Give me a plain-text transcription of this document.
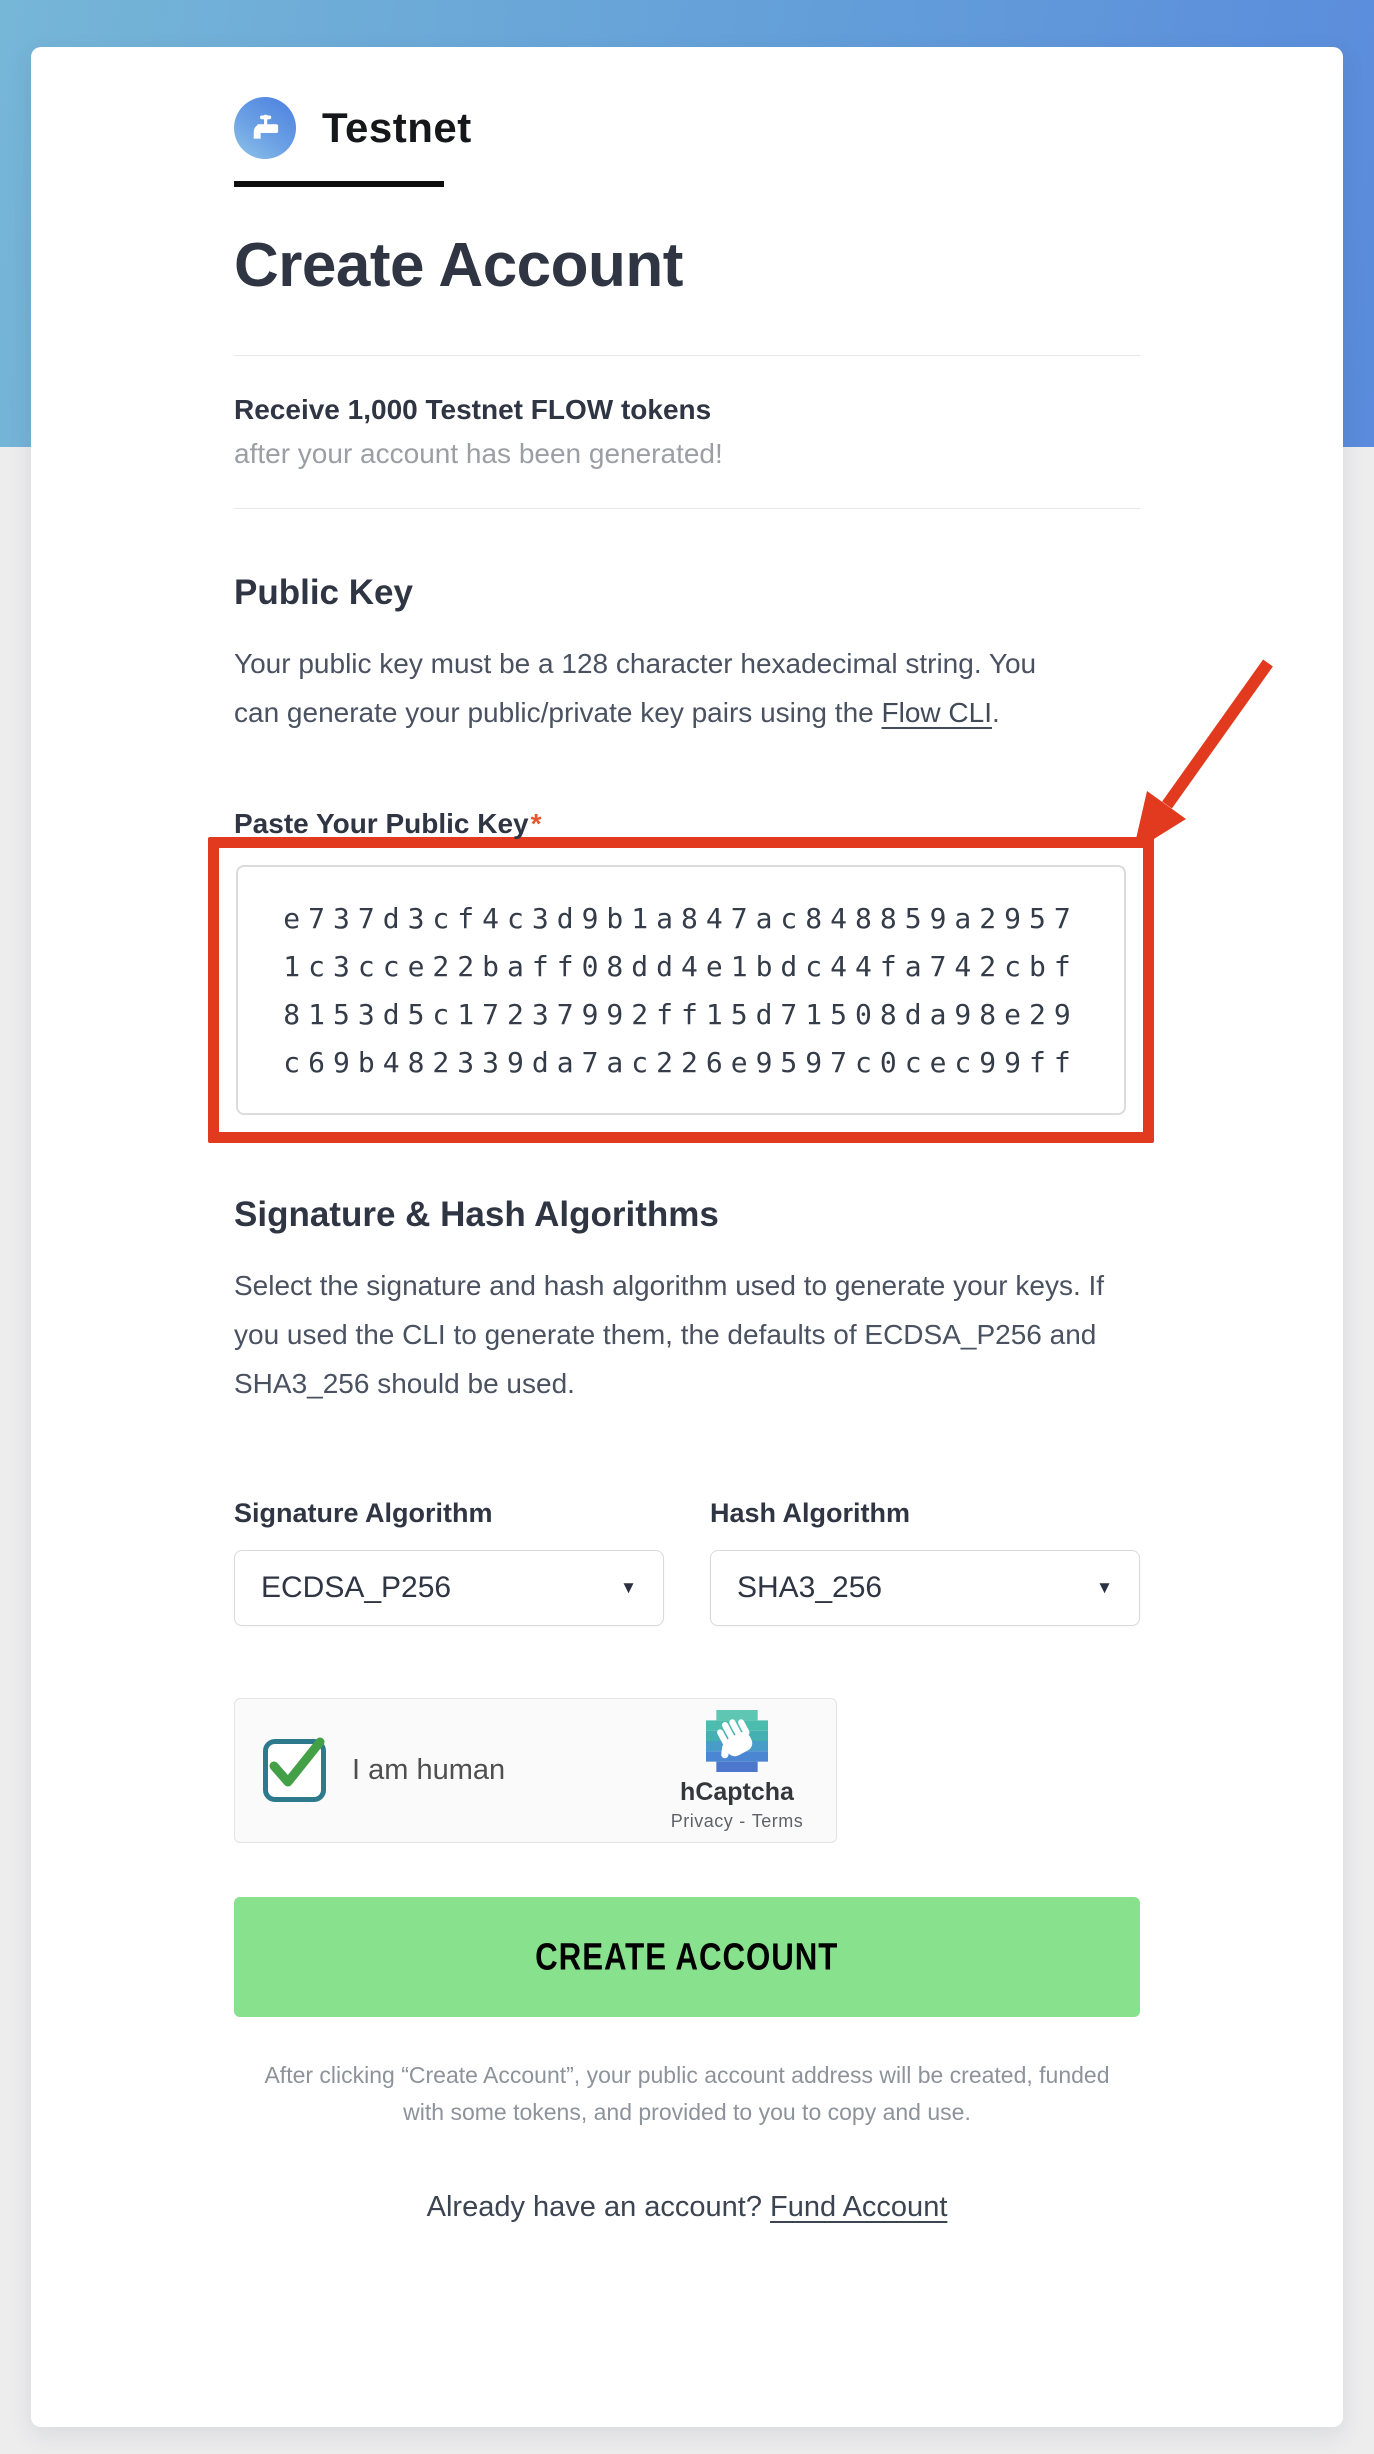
Testnet
Create Account
Receive 1,000 Testnet FLOW tokens
after your account has been generated!
Public Key

Your public key must be a 128 character hexadecimal string. You can generate your public/private key pairs using the Flow CLI.

Paste Your Public Key*
e737d3cf4c3d9b1a847ac848859a2957
1c3cce22baff08dd4e1bdc44fa742cbf
8153d5c17237992ff15d71508da98e29
c69b482339da7ac226e9597c0cec99ff
Signature & Hash Algorithms

Select the signature and hash algorithm used to generate your keys. If you used the CLI to generate them, the defaults of ECDSA_P256 and SHA3_256 should be used.

Signature Algorithm
ECDSA_P256	▼
Hash Algorithm
SHA3_256	▼
I am human
hCaptcha
Privacy - Terms
CREATE ACCOUNT

After clicking “Create Account”, your public account address will be created, funded with some tokens, and provided to you to copy and use.

Already have an account? Fund Account
